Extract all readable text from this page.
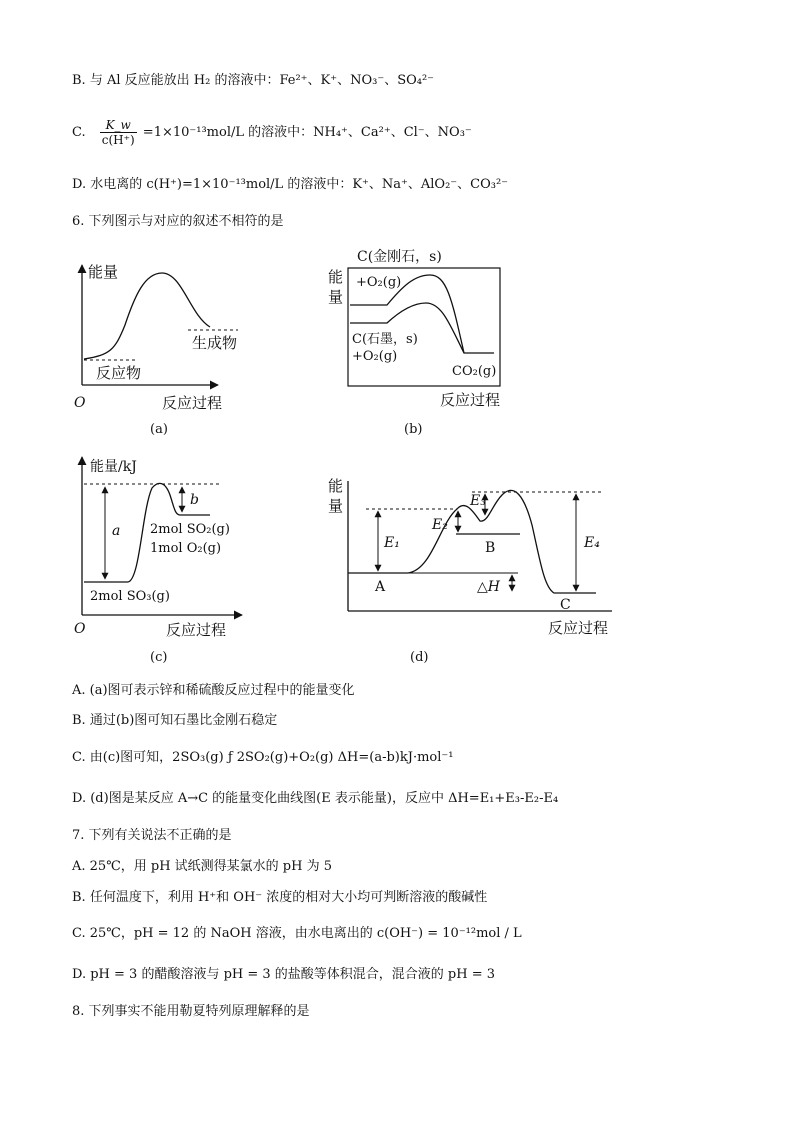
B. 与 Al 反应能放出 H₂ 的溶液中：Fe²⁺、K⁺、NO₃⁻、SO₄²⁻
C. $\frac{K\_w}{c(H^+)} =1\times 10^{-13}mol/L$ 的溶液中：NH₄⁺、Ca²⁺、Cl⁻、NO₃⁻
D. 水电离的 c(H⁺)=1×10⁻¹³mol/L 的溶液中：K⁺、Na⁺、AlO₂⁻、CO₃²⁻
6. 下列图示与对应的叙述不相符的是
能量
生成物
反应物
O	反应过程
(a)
C(金刚石，s)
能
量
+O₂(g)
C(石墨，s)
+O₂(g)
CO₂(g)
反应过程
(b)
能量/kJ
a
b
2mol SO₂(g)
1mol O₂(g)
2mol SO₃(g)
O	反应过程
(c)
能
量
E₁
E₂
E₃
E₄
△H
A
B
C
反应过程
(d)
A. (a)图可表示锌和稀硫酸反应过程中的能量变化
B. 通过(b)图可知石墨比金刚石稳定
C. 由(c)图可知，2SO₃(g) ƒ 2SO₂(g)+O₂(g) ΔH=(a-b)kJ·mol⁻¹
D. (d)图是某反应 A→C 的能量变化曲线图(E 表示能量)，反应中 ΔH=E₁+E₃-E₂-E₄
7. 下列有关说法不正确的是
A. 25℃，用 pH 试纸测得某氯水的 pH 为 5
B. 任何温度下，利用 H⁺和 OH⁻ 浓度的相对大小均可判断溶液的酸碱性
C. 25℃，pH = 12 的 NaOH 溶液，由水电离出的 c(OH⁻) = 10⁻¹²mol / L
D. pH = 3 的醋酸溶液与 pH = 3 的盐酸等体积混合，混合液的 pH = 3
8. 下列事实不能用勒夏特列原理解释的是
